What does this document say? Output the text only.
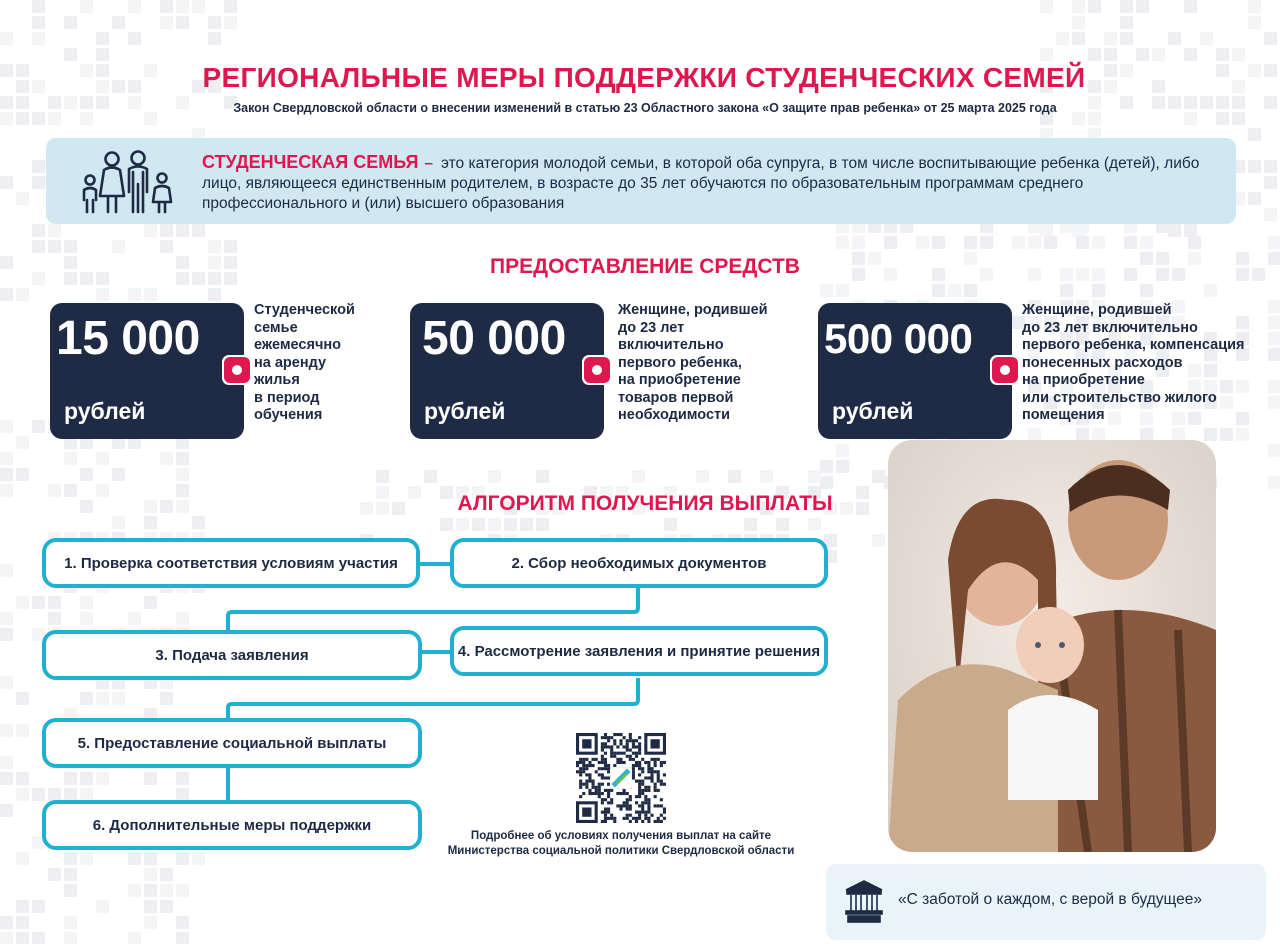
РЕГИОНАЛЬНЫЕ МЕРЫ ПОДДЕРЖКИ СТУДЕНЧЕСКИХ СЕМЕЙ
Закон Свердловской области о внесении изменений в статью 23 Областного закона «О защите прав ребенка» от 25 марта 2025 года
СТУДЕНЧЕСКАЯ СЕМЬЯ – это категория молодой семьи, в которой оба супруга, в том числе воспитывающие ребенка (детей), либо лицо, являющееся единственным родителем, в возрасте до 35 лет обучаются по образовательным программам среднего профессионального и (или) высшего образования
ПРЕДОСТАВЛЕНИЕ СРЕДСТВ
15 000
рублей
Студенческой
семье
ежемесячно
на аренду
жилья
в период
обучения
50 000
рублей
Женщине, родившей
до 23 лет
включительно
первого ребенка,
на приобретение
товаров первой
необходимости
500 000
рублей
Женщине, родившей
до 23 лет включительно
первого ребенка, компенсация
понесенных расходов
на приобретение
или строительство жилого
помещения
АЛГОРИТМ ПОЛУЧЕНИЯ ВЫПЛАТЫ
1. Проверка соответствия условиям участия	2. Сбор необходимых документов
3. Подача заявления	4. Рассмотрение заявления и принятие решения
5. Предоставление социальной выплаты
6. Дополнительные меры поддержки
Подробнее об условиях получения выплат на сайте
Министерства социальной политики Свердловской области
«С заботой о каждом, с верой в будущее»
